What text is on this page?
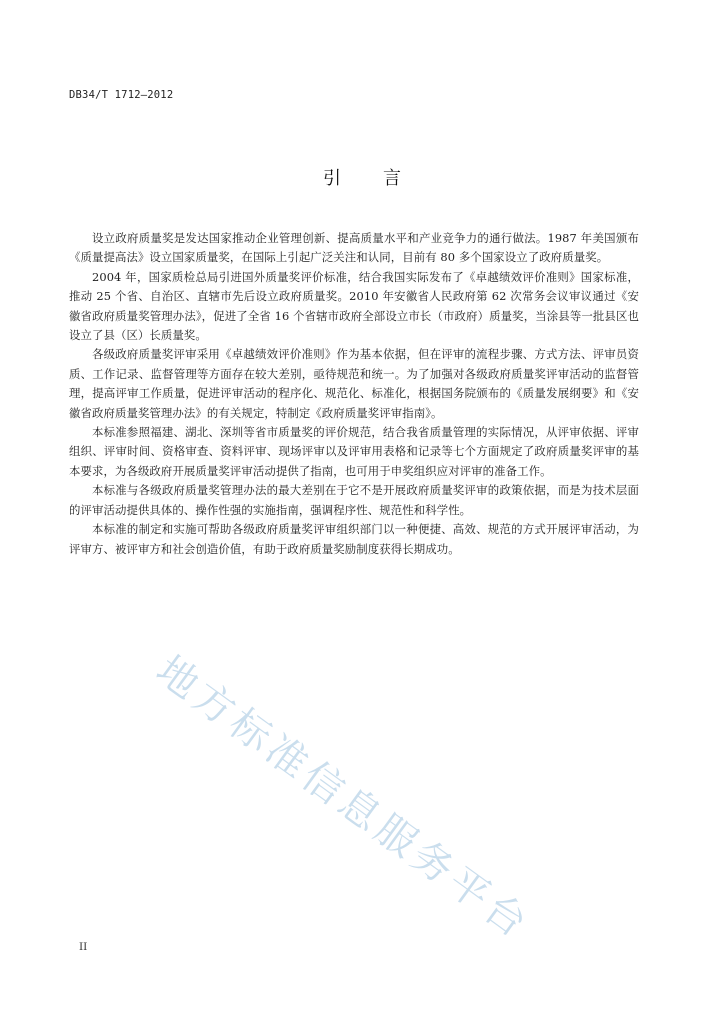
DB34/T 1712—2012
引言

设立政府质量奖是发达国家推动企业管理创新、提高质量水平和产业竞争力的通行做法。1987 年美国颁布《质量提高法》设立国家质量奖，在国际上引起广泛关注和认同，目前有 80 多个国家设立了政府质量奖。

2004 年，国家质检总局引进国外质量奖评价标准，结合我国实际发布了《卓越绩效评价准则》国家标准，推动 25 个省、自治区、直辖市先后设立政府质量奖。2010 年安徽省人民政府第 62 次常务会议审议通过《安徽省政府质量奖管理办法》，促进了全省 16 个省辖市政府全部设立市长（市政府）质量奖，当涂县等一批县区也设立了县（区）长质量奖。

各级政府质量奖评审采用《卓越绩效评价准则》作为基本依据，但在评审的流程步骤、方式方法、评审员资质、工作记录、监督管理等方面存在较大差别，亟待规范和统一。为了加强对各级政府质量奖评审活动的监督管理，提高评审工作质量，促进评审活动的程序化、规范化、标准化，根据国务院颁布的《质量发展纲要》和《安徽省政府质量奖管理办法》的有关规定，特制定《政府质量奖评审指南》。

本标准参照福建、湖北、深圳等省市质量奖的评价规范，结合我省质量管理的实际情况，从评审依据、评审组织、评审时间、资格审查、资料评审、现场评审以及评审用表格和记录等七个方面规定了政府质量奖评审的基本要求，为各级政府开展质量奖评审活动提供了指南，也可用于申奖组织应对评审的准备工作。

本标准与各级政府质量奖管理办法的最大差别在于它不是开展政府质量奖评审的政策依据，而是为技术层面的评审活动提供具体的、操作性强的实施指南，强调程序性、规范性和科学性。

本标准的制定和实施可帮助各级政府质量奖评审组织部门以一种便捷、高效、规范的方式开展评审活动，为评审方、被评审方和社会创造价值，有助于政府质量奖励制度获得长期成功。

地方标准信息服务平台
II
